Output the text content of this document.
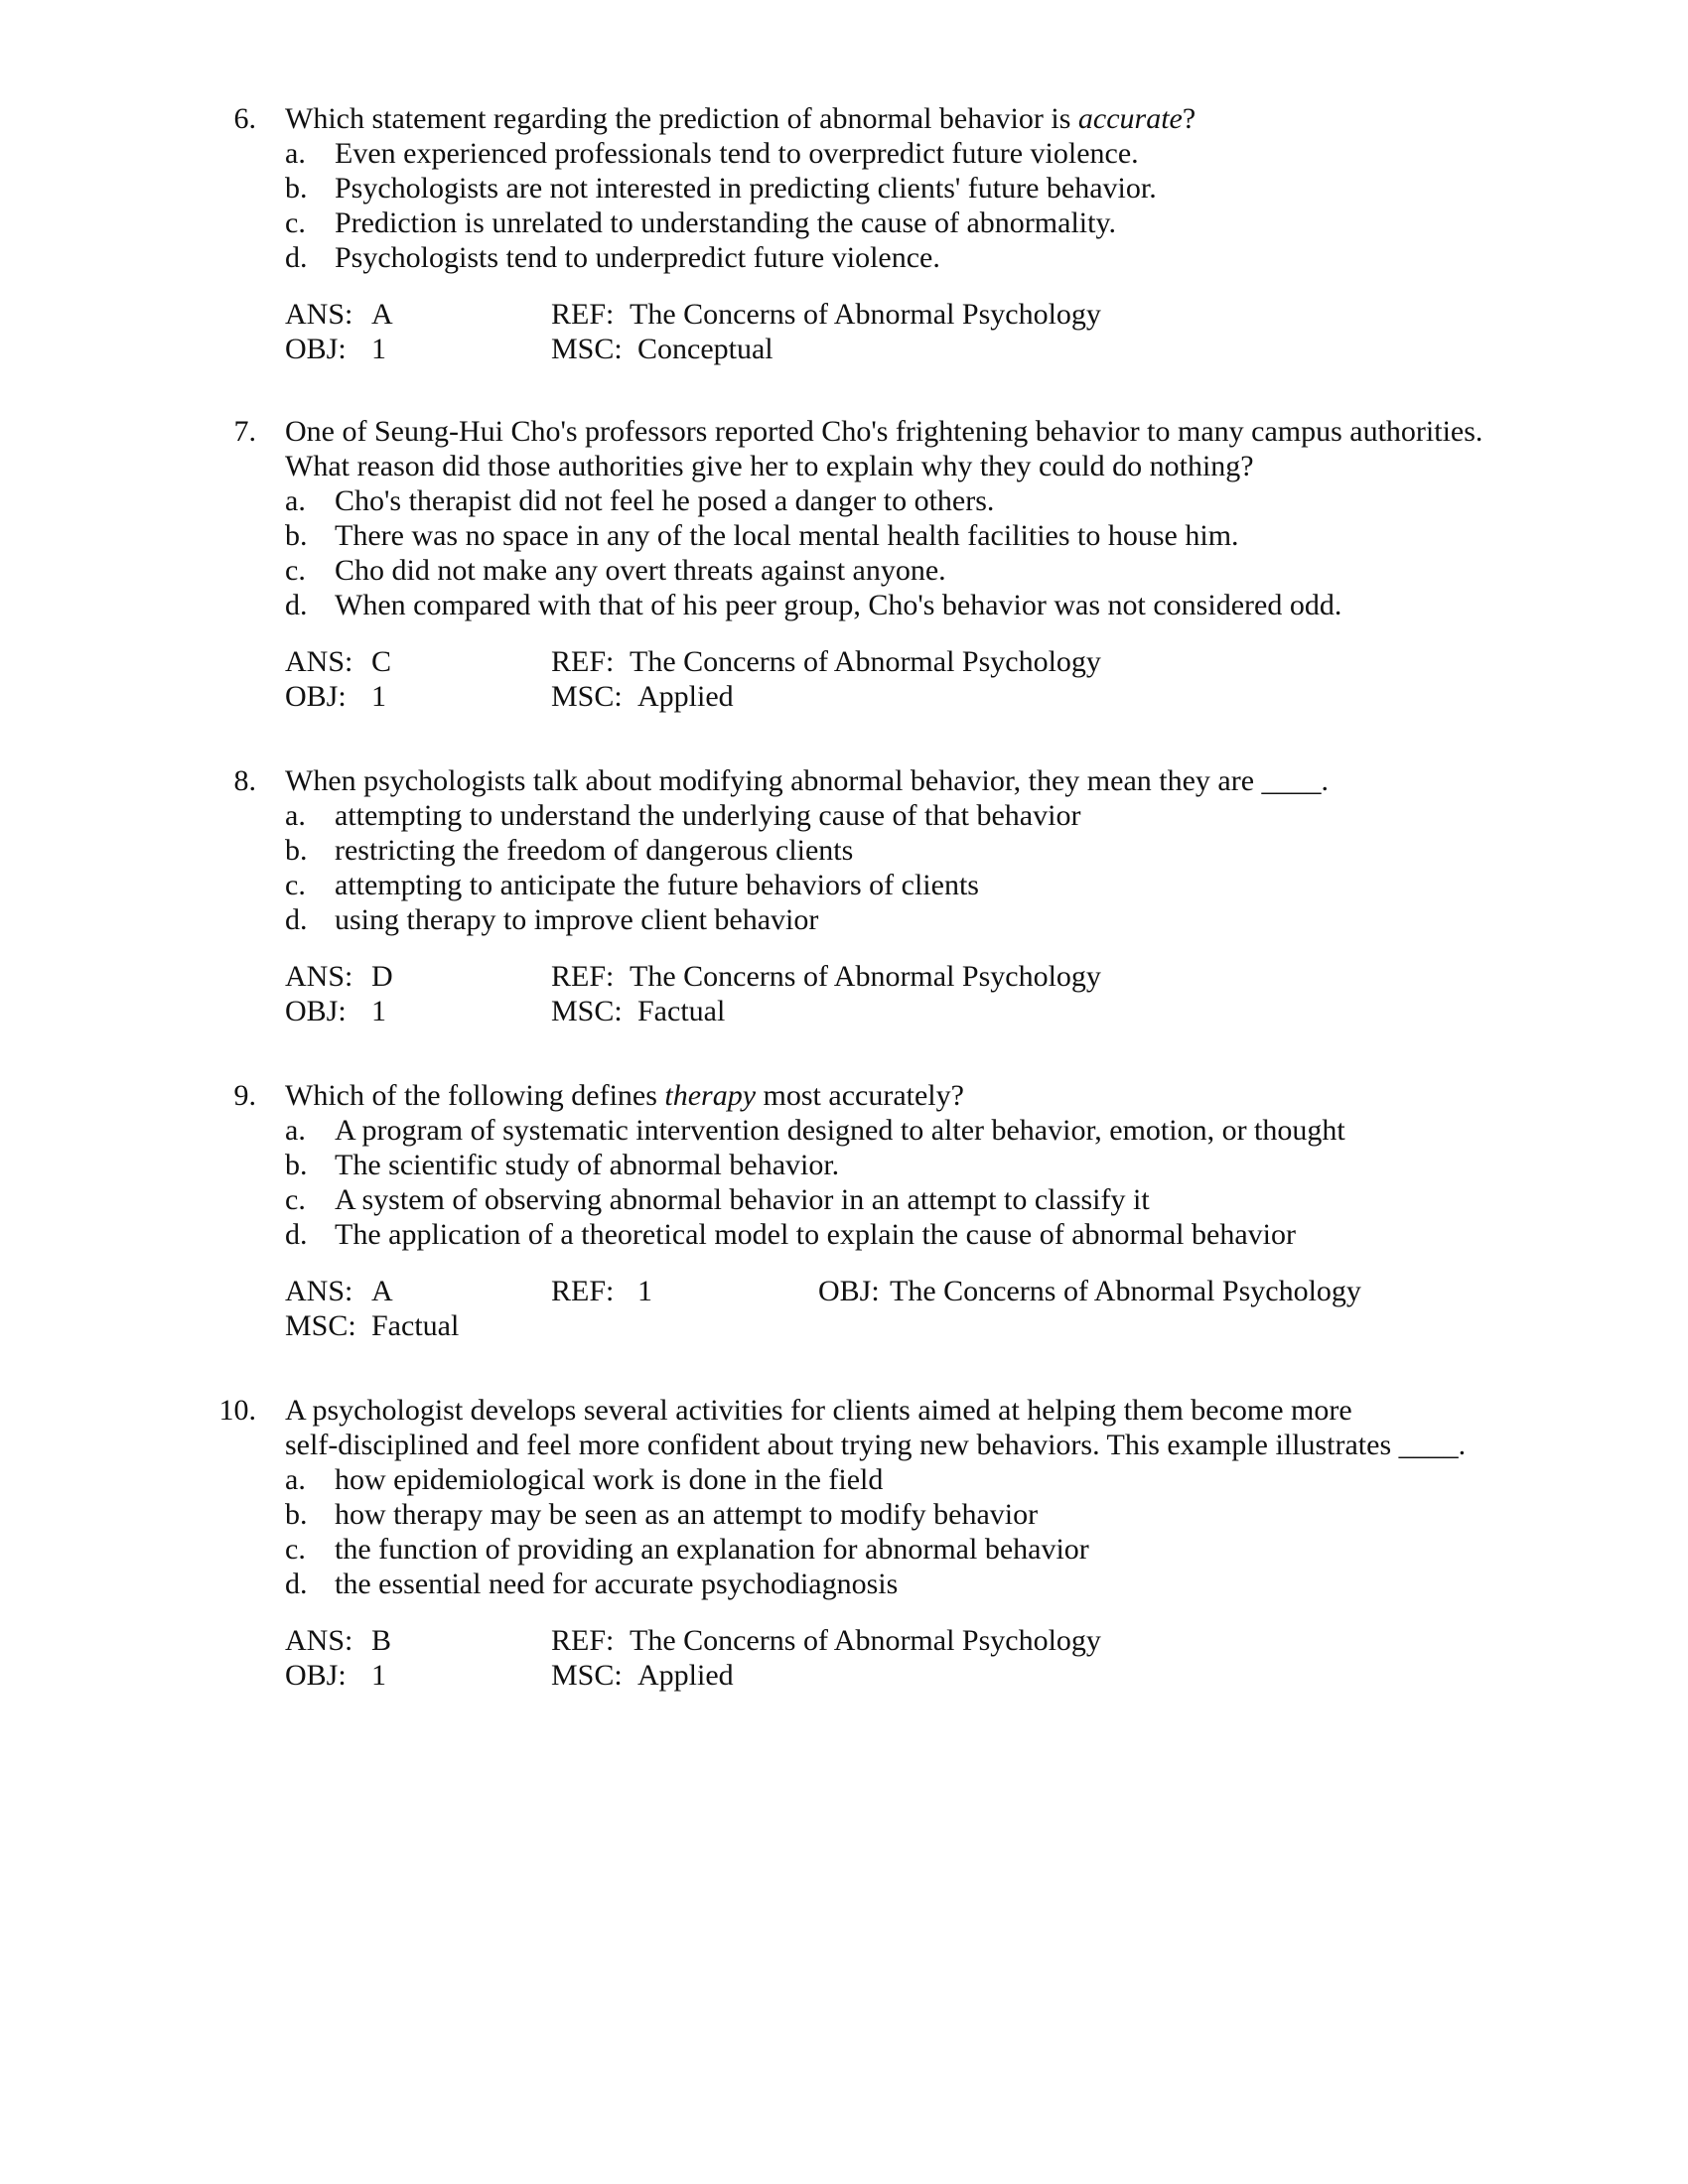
6. Which statement regarding the prediction of abnormal behavior is accurate?
a. Even experienced professionals tend to overpredict future violence.
b. Psychologists are not interested in predicting clients' future behavior.
c. Prediction is unrelated to understanding the cause of abnormality.
d. Psychologists tend to underpredict future violence.
ANS: A	REF: The Concerns of Abnormal Psychology
OBJ: 1	MSC: Conceptual
7. One of Seung-Hui Cho's professors reported Cho's frightening behavior to many campus authorities.
What reason did those authorities give her to explain why they could do nothing?
a. Cho's therapist did not feel he posed a danger to others.
b. There was no space in any of the local mental health facilities to house him.
c. Cho did not make any overt threats against anyone.
d. When compared with that of his peer group, Cho's behavior was not considered odd.
ANS: C	REF: The Concerns of Abnormal Psychology
OBJ: 1	MSC: Applied
8. When psychologists talk about modifying abnormal behavior, they mean they are ____.
a. attempting to understand the underlying cause of that behavior
b. restricting the freedom of dangerous clients
c. attempting to anticipate the future behaviors of clients
d. using therapy to improve client behavior
ANS: D	REF: The Concerns of Abnormal Psychology
OBJ: 1	MSC: Factual
9. Which of the following defines therapy most accurately?
a. A program of systematic intervention designed to alter behavior, emotion, or thought
b. The scientific study of abnormal behavior.
c. A system of observing abnormal behavior in an attempt to classify it
d. The application of a theoretical model to explain the cause of abnormal behavior
ANS: A	REF: 1	OBJ: The Concerns of Abnormal Psychology
MSC: Factual
10. A psychologist develops several activities for clients aimed at helping them become more
self-disciplined and feel more confident about trying new behaviors. This example illustrates ____.
a. how epidemiological work is done in the field
b. how therapy may be seen as an attempt to modify behavior
c. the function of providing an explanation for abnormal behavior
d. the essential need for accurate psychodiagnosis
ANS: B	REF: The Concerns of Abnormal Psychology
OBJ: 1	MSC: Applied
